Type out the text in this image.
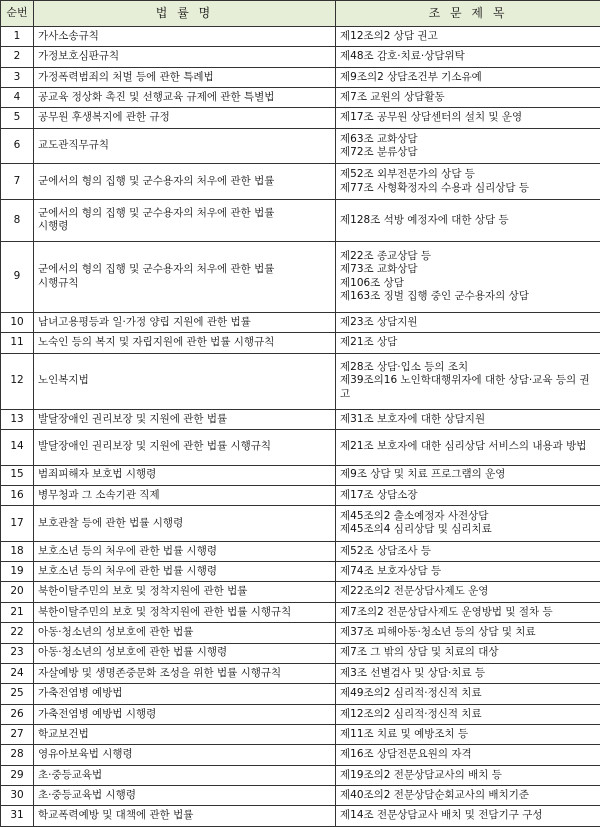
순번	법 률 명	조 문 제 목
1	가사소송규칙	제12조의2 상담 권고

2	가정보호심판규칙	제48조 감호·치료·상담위탁

3	가정폭력범죄의 처벌 등에 관한 특례법	제9조의2 상담조건부 기소유예

4	공교육 정상화 촉진 및 선행교육 규제에 관한 특별법	제7조 교원의 상담활동

5	공무원 후생복지에 관한 규정	제17조 공무원 상담센터의 설치 및 운영

6	교도관직무규칙	제63조 교화상담
제72조 분류상담

7	군에서의 형의 집행 및 군수용자의 처우에 관한 법률	제52조 외부전문가의 상담 등
제77조 사형확정자의 수용과 심리상담 등

8	군에서의 형의 집행 및 군수용자의 처우에 관한 법률
시행령	제128조 석방 예정자에 대한 상담 등

9	군에서의 형의 집행 및 군수용자의 처우에 관한 법률
시행규칙	제22조 종교상담 등
제73조 교화상담
제106조 상담
제163조 징벌 집행 중인 군수용자의 상담

10	남녀고용평등과 일·가정 양립 지원에 관한 법률	제23조 상담지원

11	노숙인 등의 복지 및 자립지원에 관한 법률 시행규칙	제21조 상담

12	노인복지법	제28조 상담·입소 등의 조치
제39조의16 노인학대행위자에 대한 상담·교육 등의 권고

13	발달장애인 권리보장 및 지원에 관한 법률	제31조 보호자에 대한 상담지원

14	발달장애인 권리보장 및 지원에 관한 법률 시행규칙	제21조 보호자에 대한 심리상담 서비스의 내용과 방법

15	범죄피해자 보호법 시행령	제9조 상담 및 치료 프로그램의 운영

16	병무청과 그 소속기관 직제	제17조 상담소장

17	보호관찰 등에 관한 법률 시행령	제45조의2 출소예정자 사전상담
제45조의4 심리상담 및 심리치료

18	보호소년 등의 처우에 관한 법률 시행령	제52조 상담조사 등

19	보호소년 등의 처우에 관한 법률 시행령	제74조 보호자상담 등

20	북한이탈주민의 보호 및 정착지원에 관한 법률	제22조의2 전문상담사제도 운영

21	북한이탈주민의 보호 및 정착지원에 관한 법률 시행규칙	제7조의2 전문상담사제도 운영방법 및 절차 등

22	아동·청소년의 성보호에 관한 법률	제37조 피해아동·청소년 등의 상담 및 치료

23	아동·청소년의 성보호에 관한 법률 시행령	제7조 그 밖의 상담 및 치료의 대상

24	자살예방 및 생명존중문화 조성을 위한 법률 시행규칙	제3조 선별검사 및 상담·치료 등

25	가축전염병 예방법	제49조의2 심리적·정신적 치료

26	가축전염병 예방법 시행령	제12조의2 심리적·정신적 치료

27	학교보건법	제11조 치료 및 예방조치 등

28	영유아보육법 시행령	제16조 상담전문요원의 자격

29	초·중등교육법	제19조의2 전문상담교사의 배치 등

30	초·중등교육법 시행령	제40조의2 전문상담순회교사의 배치기준

31	학교폭력예방 및 대책에 관한 법률	제14조 전문상담교사 배치 및 전담기구 구성
